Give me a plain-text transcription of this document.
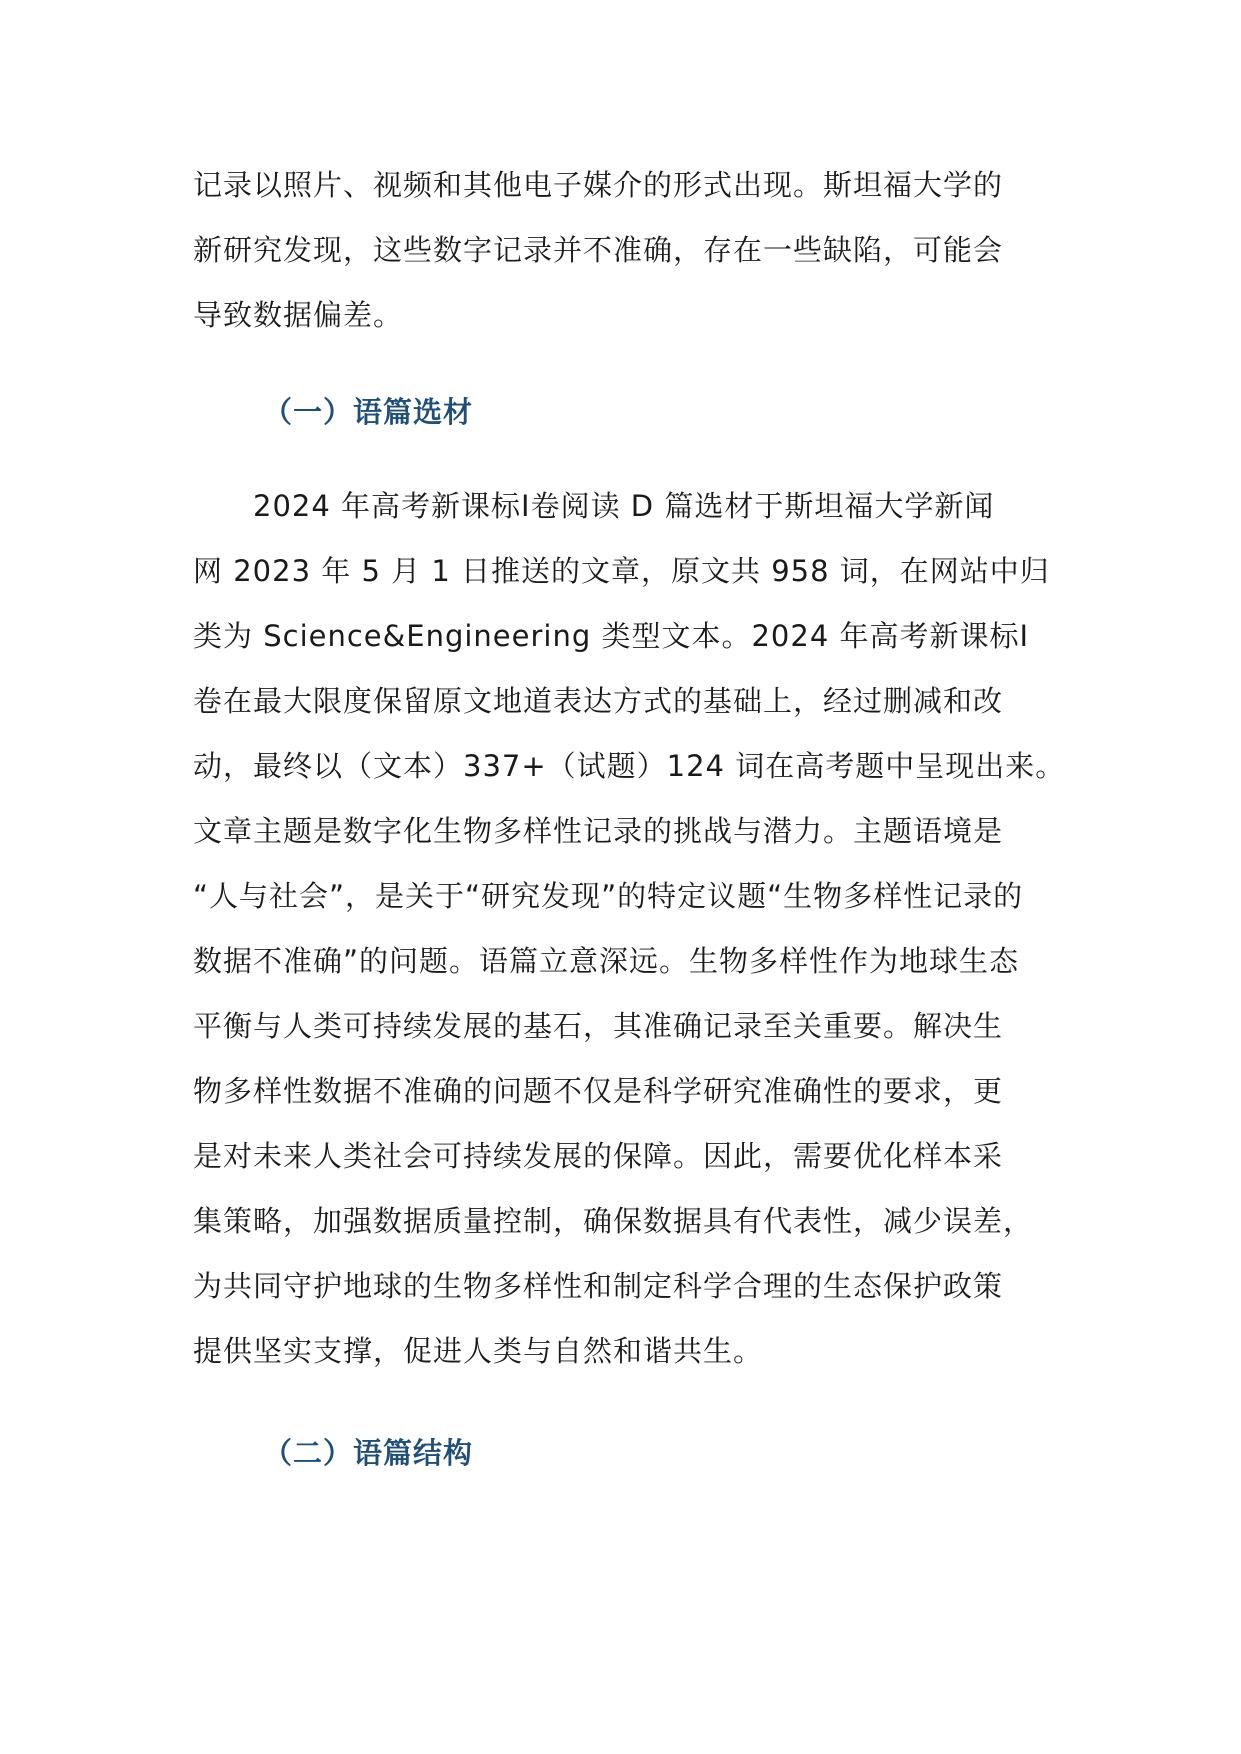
记录以照片、视频和其他电子媒介的形式出现。斯坦福大学的
新研究发现，这些数字记录并不准确，存在一些缺陷，可能会
导致数据偏差。
（一）语篇选材
　　2024 年高考新课标Ⅰ卷阅读 D 篇选材于斯坦福大学新闻
网 2023 年 5 月 1 日推送的文章，原文共 958 词，在网站中归
类为 Science&Engineering 类型文本。2024 年高考新课标Ⅰ
卷在最大限度保留原文地道表达方式的基础上，经过删减和改
动，最终以（文本）337+（试题）124 词在高考题中呈现出来。
文章主题是数字化生物多样性记录的挑战与潜力。主题语境是
“人与社会”，是关于“研究发现”的特定议题“生物多样性记录的
数据不准确”的问题。语篇立意深远。生物多样性作为地球生态
平衡与人类可持续发展的基石，其准确记录至关重要。解决生
物多样性数据不准确的问题不仅是科学研究准确性的要求，更
是对未来人类社会可持续发展的保障。因此，需要优化样本采
集策略，加强数据质量控制，确保数据具有代表性，减少误差，
为共同守护地球的生物多样性和制定科学合理的生态保护政策
提供坚实支撑，促进人类与自然和谐共生。
（二）语篇结构
